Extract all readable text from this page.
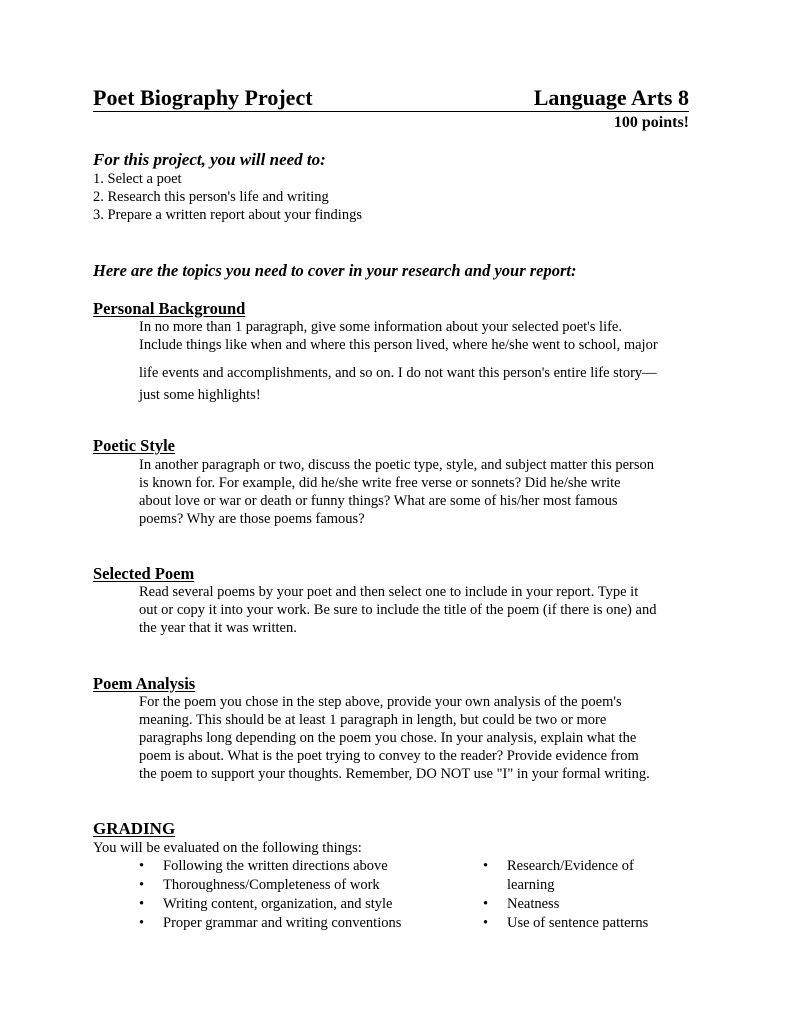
Poet Biography Project	Language Arts 8
100 points!
For this project, you will need to:
1. Select a poet
2. Research this person's life and writing
3. Prepare a written report about your findings
Here are the topics you need to cover in your research and your report:
Personal Background
In no more than 1 paragraph, give some information about your selected poet's life.
Include things like when and where this person lived, where he/she went to school, major
life events and accomplishments, and so on. I do not want this person's entire life story—
just some highlights!
Poetic Style
In another paragraph or two, discuss the poetic type, style, and subject matter this person
is known for. For example, did he/she write free verse or sonnets? Did he/she write
about love or war or death or funny things? What are some of his/her most famous
poems? Why are those poems famous?
Selected Poem
Read several poems by your poet and then select one to include in your report. Type it
out or copy it into your work. Be sure to include the title of the poem (if there is one) and
the year that it was written.
Poem Analysis
For the poem you chose in the step above, provide your own analysis of the poem's
meaning. This should be at least 1 paragraph in length, but could be two or more
paragraphs long depending on the poem you chose. In your analysis, explain what the
poem is about. What is the poet trying to convey to the reader? Provide evidence from
the poem to support your thoughts. Remember, DO NOT use "I" in your formal writing.
GRADING
You will be evaluated on the following things:
• Following the written directions above
• Thoroughness/Completeness of work
• Writing content, organization, and style
• Proper grammar and writing conventions
• Research/Evidence of learning
• Neatness
• Use of sentence patterns
